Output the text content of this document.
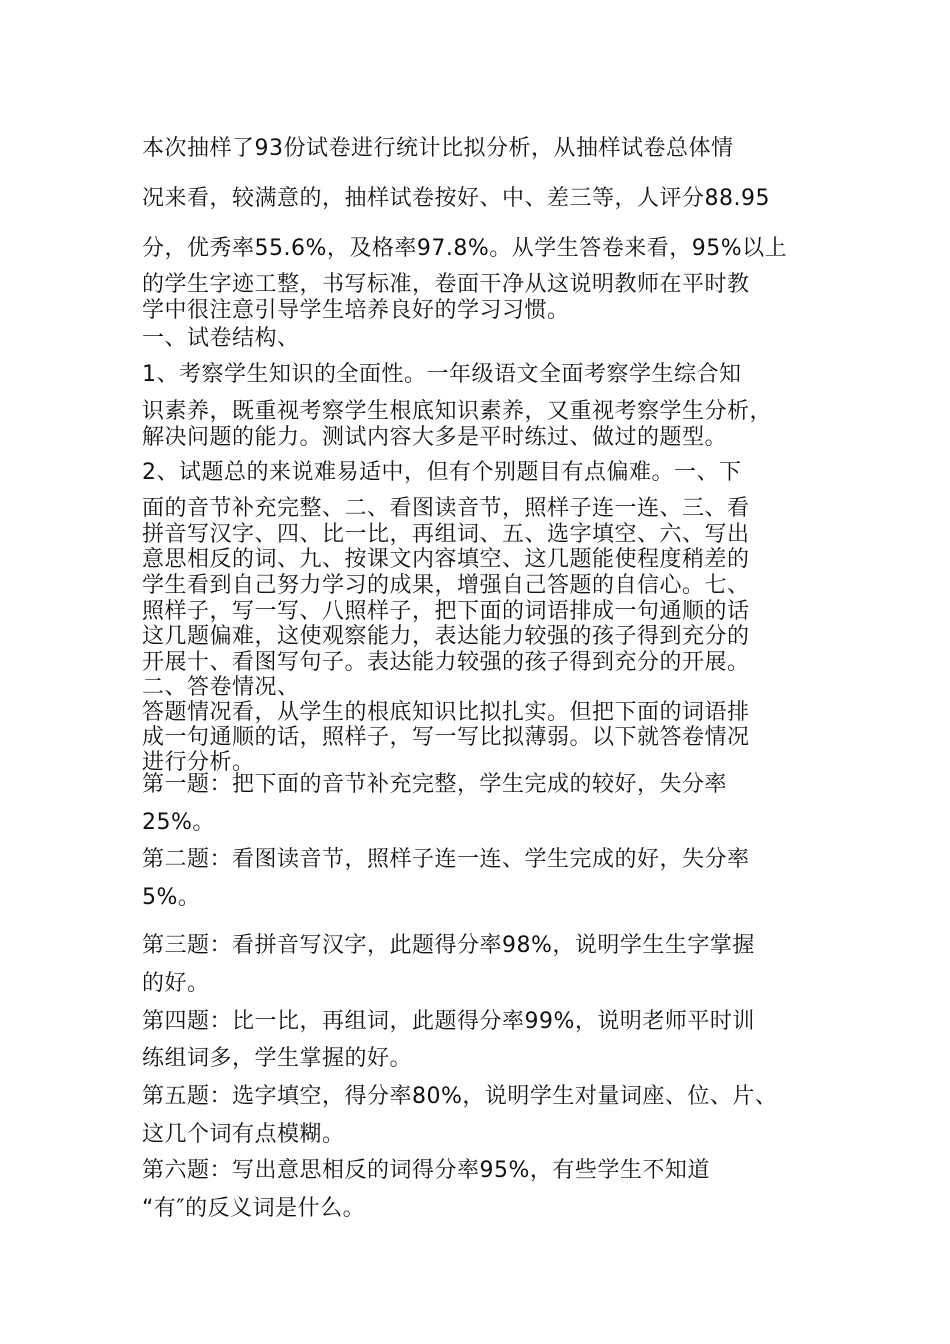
本次抽样了93份试卷进行统计比拟分析，从抽样试卷总体情
况来看，较满意的，抽样试卷按好、中、差三等，人评分88.95
分，优秀率55.6%，及格率97.8%。从学生答卷来看，95%以上
的学生字迹工整，书写标准，卷面干净从这说明教师在平时教
学中很注意引导学生培养良好的学习习惯。
一、试卷结构、
1、考察学生知识的全面性。一年级语文全面考察学生综合知
识素养，既重视考察学生根底知识素养，又重视考察学生分析，
解决问题的能力。测试内容大多是平时练过、做过的题型。
2、试题总的来说难易适中，但有个别题目有点偏难。一、下
面的音节补充完整、二、看图读音节，照样子连一连、三、看
拼音写汉字、四、比一比，再组词、五、选字填空、六、写出
意思相反的词、九、按课文内容填空、这几题能使程度稍差的
学生看到自己努力学习的成果，增强自己答题的自信心。七、
照样子，写一写、八照样子，把下面的词语排成一句通顺的话
这几题偏难，这使观察能力，表达能力较强的孩子得到充分的
开展十、看图写句子。表达能力较强的孩子得到充分的开展。
二、答卷情况、
答题情况看，从学生的根底知识比拟扎实。但把下面的词语排
成一句通顺的话，照样子，写一写比拟薄弱。以下就答卷情况
进行分析。
第一题：把下面的音节补充完整，学生完成的较好，失分率
25%。
第二题：看图读音节，照样子连一连、学生完成的好，失分率
5%。
第三题：看拼音写汉字，此题得分率98%，说明学生生字掌握
的好。
第四题：比一比，再组词，此题得分率99%，说明老师平时训
练组词多，学生掌握的好。
第五题：选字填空，得分率80%，说明学生对量词座、位、片、
这几个词有点模糊。
第六题：写出意思相反的词得分率95%，有些学生不知道
“有″的反义词是什么。
